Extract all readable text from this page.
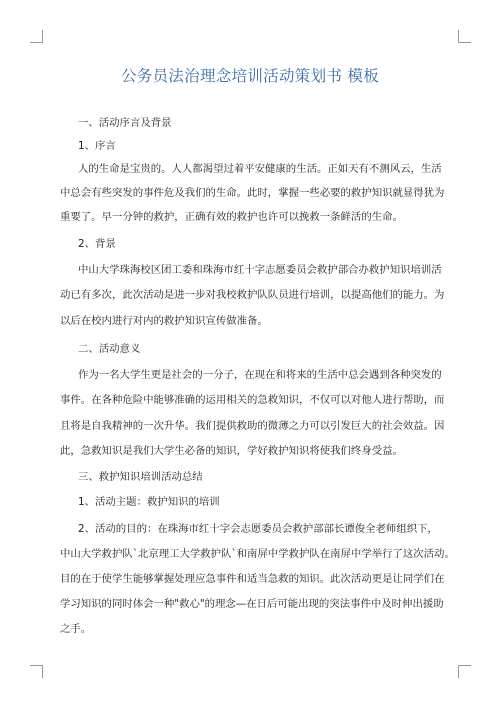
公务员法治理念培训活动策划书 模板
一、活动序言及背景
1、序言
人的生命是宝贵的。人人都渴望过着平安健康的生活。正如天有不测风云，生活
中总会有些突发的事件危及我们的生命。此时，掌握一些必要的救护知识就显得犹为
重要了。早一分钟的救护，正确有效的救护也许可以挽救一条鲜活的生命。
2、背景
中山大学珠海校区团工委和珠海市红十字志愿委员会救护部合办救护知识培训活
动已有多次，此次活动是进一步对我校救护队队员进行培训，以提高他们的能力。为
以后在校内进行对内的救护知识宣传做准备。
二、活动意义
作为一名大学生更是社会的一分子，在现在和将来的生活中总会遇到各种突发的
事件。在各种危险中能够准确的运用相关的急救知识，不仅可以对他人进行帮助，而
且将是自我精神的一次升华。我们提供救助的微薄之力可以引发巨大的社会效益。因
此，急救知识是我们大学生必备的知识，学好救护知识将使我们终身受益。
三、救护知识培训活动总结
1、活动主题：救护知识的培训
2、活动的目的：在珠海市红十字会志愿委员会救护部部长谭俊全老师组织下，
中山大学救护队`北京理工大学救护队`和南屏中学救护队在南屏中学举行了这次活动。
目的在于使学生能够掌握处理应急事件和适当急救的知识。此次活动更是让同学们在
学习知识的同时体会一种"救心"的理念—在日后可能出现的突法事件中及时伸出援助
之手。
